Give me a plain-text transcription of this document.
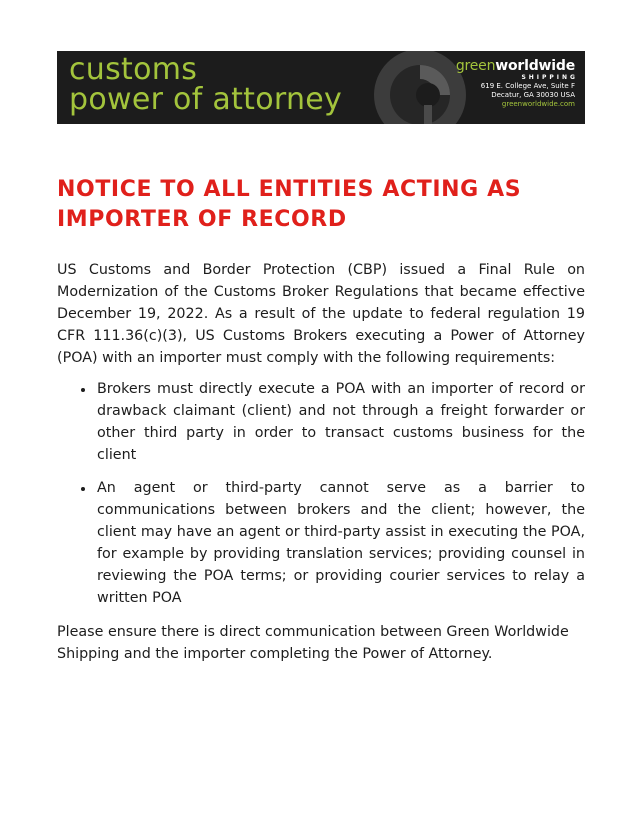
customs
power of attorney
greenworldwide
SHIPPING
619 E. College Ave, Suite F
Decatur, GA 30030 USA
greenworldwide.com
NOTICE TO ALL ENTITIES ACTING AS IMPORTER OF RECORD

US Customs and Border Protection (CBP) issued a Final Rule on Modernization of the Customs Broker Regulations that became effective December 19, 2022. As a result of the update to federal regulation 19 CFR 111.36(c)(3), US Customs Brokers executing a Power of Attorney (POA) with an importer must comply with the following requirements:

• Brokers must directly execute a POA with an importer of record or drawback claimant (client) and not through a freight forwarder or other third party in order to transact customs business for the client
• An agent or third-party cannot serve as a barrier to communications between brokers and the client; however, the client may have an agent or third-party assist in executing the POA, for example by providing translation services; providing counsel in reviewing the POA terms; or providing courier services to relay a written POA

Please ensure there is direct communication between Green Worldwide Shipping and the importer completing the Power of Attorney.
